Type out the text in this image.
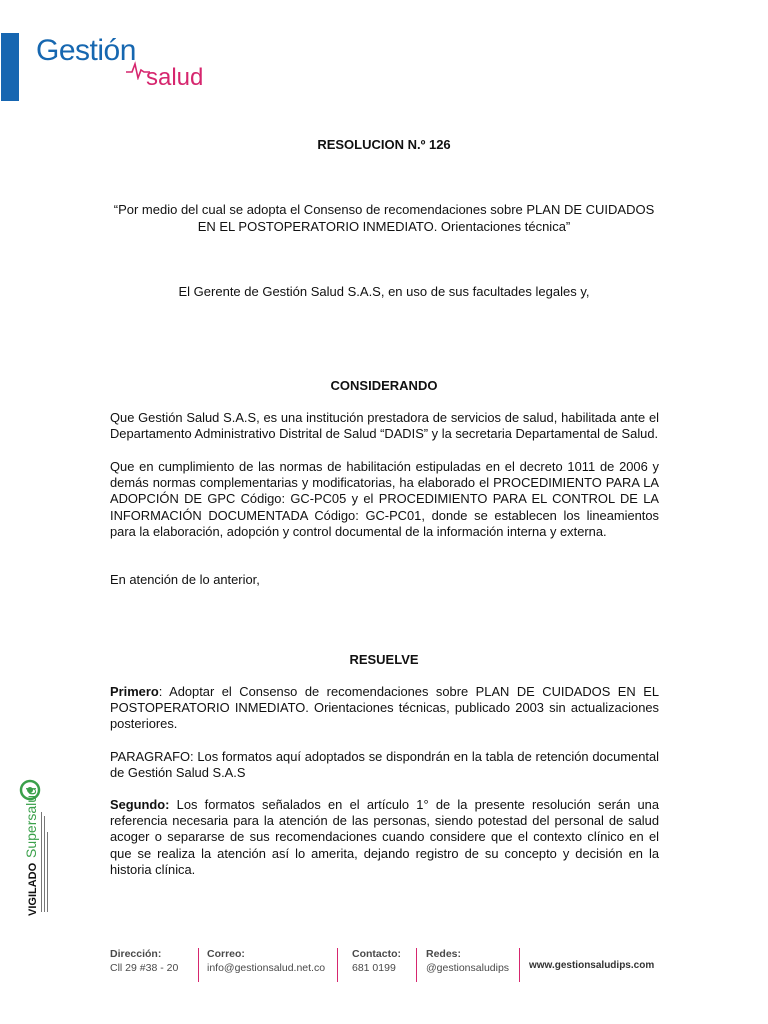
Gestión
salud
RESOLUCION N.º 126
“Por medio del cual se adopta el Consenso de recomendaciones sobre PLAN DE CUIDADOS
EN EL POSTOPERATORIO INMEDIATO. Orientaciones técnica”
El Gerente de Gestión Salud S.A.S, en uso de sus facultades legales y,
CONSIDERANDO
Que Gestión Salud S.A.S, es una institución prestadora de servicios de salud, habilitada ante el Departamento Administrativo Distrital de Salud “DADIS” y la secretaria Departamental de Salud.
Que en cumplimiento de las normas de habilitación estipuladas en el decreto 1011 de 2006 y demás normas complementarias y modificatorias, ha elaborado el PROCEDIMIENTO PARA LA ADOPCIÓN DE GPC Código: GC-PC05 y el PROCEDIMIENTO PARA EL CONTROL DE LA INFORMACIÓN DOCUMENTADA Código: GC-PC01, donde se establecen los lineamientos para la elaboración, adopción y control documental de la información interna y externa.
En atención de lo anterior,
RESUELVE
Primero: Adoptar el Consenso de recomendaciones sobre PLAN DE CUIDADOS EN EL POSTOPERATORIO INMEDIATO. Orientaciones técnicas, publicado 2003 sin actualizaciones posteriores.
PARAGRAFO: Los formatos aquí adoptados se dispondrán en la tabla de retención documental de Gestión Salud S.A.S
Segundo: Los formatos señalados en el artículo 1° de la presente resolución serán una referencia necesaria para la atención de las personas, siendo potestad del personal de salud acoger o separarse de sus recomendaciones cuando considere que el contexto clínico en el que se realiza la atención así lo amerita, dejando registro de su concepto y decisión en la historia clínica.
VIGILADO
Supersalud
Dirección:
Cll 29 #38 - 20
Correo:
info@gestionsalud.net.co
Contacto:
681 0199
Redes:
@gestionsaludips www.gestionsaludips.com
